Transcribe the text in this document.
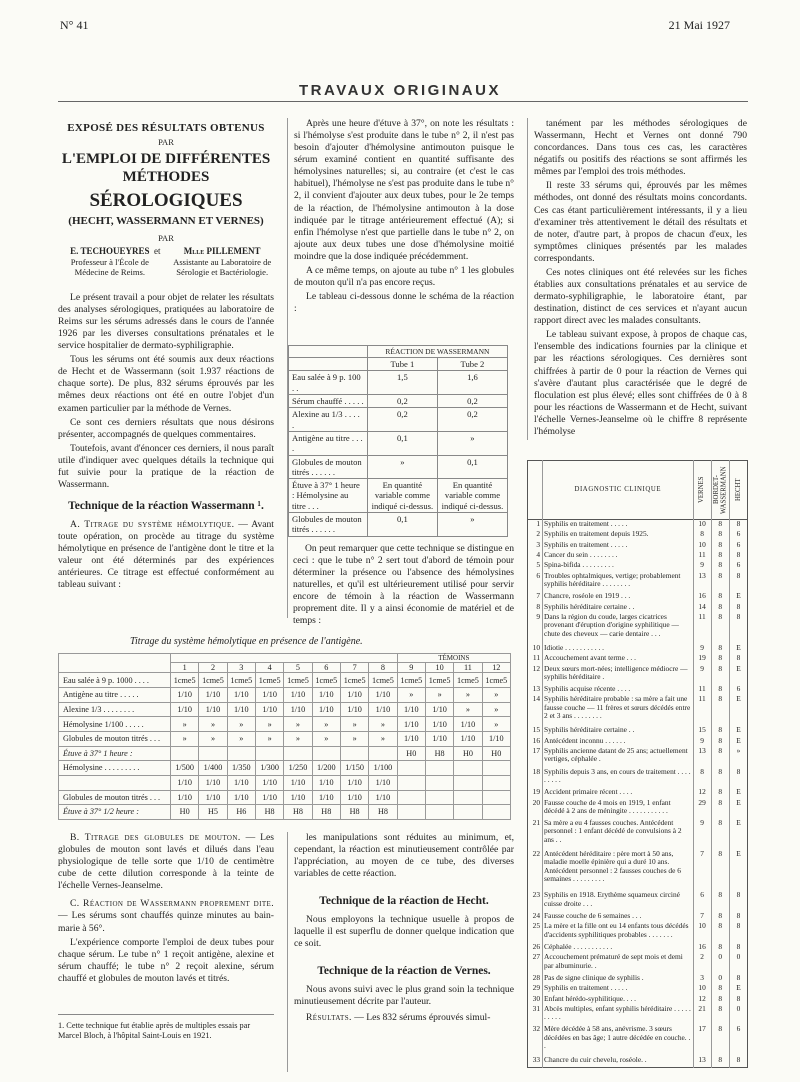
N° 41	21 Mai 1927
TRAVAUX ORIGINAUX
EXPOSÉ DES RÉSULTATS OBTENUS
PAR
L'EMPLOI DE DIFFÉRENTES MÉTHODES
SÉROLOGIQUES
(HECHT, WASSERMANN ET VERNES)
PAR
E. TECHOUEYRES
Professeur à l'École de Médecine de Reims.
et	Mlle PILLEMENT
Assistante au Laboratoire de Sérologie et Bactériologie.

Le présent travail a pour objet de relater les résultats des analyses sérologiques, pratiquées au laboratoire de Reims sur les sérums adressés dans le cours de l'année 1926 par les diverses consultations prénatales et le service hospitalier de dermato-syphiligraphie.

Tous les sérums ont été soumis aux deux réactions de Hecht et de Wassermann (soit 1.937 réactions de chaque sorte). De plus, 832 sérums éprouvés par les mêmes deux réactions ont été en outre l'objet d'un examen particulier par la méthode de Vernes.

Ce sont ces derniers résultats que nous désirons présenter, accompagnés de quelques commentaires.

Toutefois, avant d'énoncer ces derniers, il nous paraît utile d'indiquer avec quelques détails la technique qui fut suivie pour la pratique de la réaction de Wassermann.

Technique de la réaction Wassermann ¹.

A. Titrage du système hémolytique. — Avant toute opération, on procède au titrage du système hémolytique en présence de l'antigène dont le titre et la valeur ont été déterminés par des expériences antérieures. Ce titrage est effectué conformément au tableau suivant :

Après une heure d'étuve à 37°, on note les résultats : si l'hémolyse s'est produite dans le tube n° 2, il n'est pas besoin d'ajouter d'hémolysine antimouton puisque le sérum examiné contient en quantité suffisante des hémolysines naturelles; si, au contraire (et c'est le cas habituel), l'hémolyse ne s'est pas produite dans le tube n° 2, il convient d'ajouter aux deux tubes, pour le 2e temps de la réaction, de l'hémolysine antimouton à la dose indiquée par le titrage antérieurement effectué (A); si enfin l'hémolyse n'est que partielle dans le tube n° 2, on ajoute aux deux tubes une dose d'hémolysine moitié moindre que la dose indiquée précédemment.

A ce même temps, on ajoute au tube n° 1 les globules de mouton qu'il n'a pas encore reçus.

Le tableau ci-dessous donne le schéma de la réaction :

	RÉACTION DE WASSERMANN	
	Tube 1	Tube 2
Eau salée à 9 p. 100 . .	1,5	1,6
Sérum chauffé . . . . .	0,2	0,2
Alexine au 1/3 . . . . .	0,2	0,2
Antigène au titre . . . .	0,1	»
Globules de mouton titrés . . . . . .	»	0,1
Étuve à 37° 1 heure : Hémolysine au titre . . .	En quantité variable comme indiqué ci-dessus.	En quantité variable comme indiqué ci-dessus.
Globules de mouton titrés . . . . . .	0,1	»

On peut remarquer que cette technique se distingue en ceci : que le tube n° 2 sert tout d'abord de témoin pour déterminer la présence ou l'absence des hémolysines naturelles, et qu'il est ultérieurement utilisé pour servir encore de témoin à la réaction de Wassermann proprement dite. Il y a ainsi économie de matériel et de temps :

tanément par les méthodes sérologiques de Wassermann, Hecht et Vernes ont donné 790 concordances. Dans tous ces cas, les caractères négatifs ou positifs des réactions se sont affirmés les mêmes par l'emploi des trois méthodes.

Il reste 33 sérums qui, éprouvés par les mêmes méthodes, ont donné des résultats moins concordants. Ces cas étant particulièrement intéressants, il y a lieu d'examiner très attentivement le détail des résultats et de noter, d'autre part, à propos de chacun d'eux, les symptômes cliniques présentés par les malades correspondants.

Ces notes cliniques ont été relevées sur les fiches établies aux consultations prénatales et au service de dermato-syphiligraphie, le laboratoire étant, par destination, distinct de ces services et n'ayant aucun rapport direct avec les malades consultants.

Le tableau suivant expose, à propos de chaque cas, l'ensemble des indications fournies par la clinique et par les réactions sérologiques. Ces dernières sont chiffrées à partir de 0 pour la réaction de Vernes qui s'avère d'autant plus caractérisée que le degré de floculation est plus élevé; elles sont chiffrées de 0 à 8 pour les réactions de Wassermann et de Hecht, suivant l'échelle Vernes-Jeanselme où le chiffre 8 représente l'hémolyse

Titrage du système hémolytique en présence de l'antigène.
									TÉMOINS			
	1	2	3	4	5	6	7	8	9	10	11	12
Eau salée à 9 p. 1000 . . . .	1cme5	1cme5	1cme5	1cme5	1cme5	1cme5	1cme5	1cme5	1cme5	1cme5	1cme5	1cme5
Antigène au titre . . . . .	1/10	1/10	1/10	1/10	1/10	1/10	1/10	1/10	»	»	»	»
Alexine 1/3 . . . . . . . .	1/10	1/10	1/10	1/10	1/10	1/10	1/10	1/10	1/10	1/10	»	»
Hémolysine 1/100 . . . . .	»	»	»	»	»	»	»	»	1/10	1/10	1/10	»
Globules de mouton titrés . . .	»	»	»	»	»	»	»	»	1/10	1/10	1/10	1/10
Étuve à 37° 1 heure :									H0	H8	H0	H0
Hémolysine . . . . . . . . .	1/500	1/400	1/350	1/300	1/250	1/200	1/150	1/100				
	1/10	1/10	1/10	1/10	1/10	1/10	1/10	1/10				
Globules de mouton titrés . . .	1/10	1/10	1/10	1/10	1/10	1/10	1/10	1/10				
Étuve à 37° 1/2 heure :	H0	H5	H6	H8	H8	H8	H8	H8				

B. Titrage des globules de mouton. — Les globules de mouton sont lavés et dilués dans l'eau physiologique de telle sorte que 1/10 de centimètre cube de cette dilution corresponde à la teinte de l'échelle Vernes-Jeanselme.

C. Réaction de Wassermann proprement dite. — Les sérums sont chauffés quinze minutes au bain-marie à 56°.

L'expérience comporte l'emploi de deux tubes pour chaque sérum. Le tube n° 1 reçoit antigène, alexine et sérum chauffé; le tube n° 2 reçoit alexine, sérum chauffé et globules de mouton lavés et titrés.

1. Cette technique fut établie après de multiples essais par Marcel Bloch, à l'hôpital Saint-Louis en 1921.

les manipulations sont réduites au minimum, et, cependant, la réaction est minutieusement contrôlée par l'appréciation, au moyen de ce tube, des diverses variables de cette réaction.

Technique de la réaction de Hecht.

Nous employons la technique usuelle à propos de laquelle il est superflu de donner quelque indication que ce soit.

Technique de la réaction de Vernes.

Nous avons suivi avec le plus grand soin la technique minutieusement décrite par l'auteur.

Résultats. — Les 832 sérums éprouvés simul-

	DIAGNOSTIC CLINIQUE	VERNES	BORDET-WASSERMANN	HECHT

1	Syphilis en traitement . . . . .	10	8	8
2	Syphilis en traitement depuis 1925.	8	8	6
3	Syphilis en traitement . . . . .	10	8	6
4	Cancer du sein . . . . . . . .	11	8	8
5	Spina-bifida . . . . . . . . .	9	8	6
6	Troubles ophtalmiques, vertige; probablement syphilis héréditaire . . . . . . . .	13	8	8
7	Chancre, roséole en 1919 . . .	16	8	E
8	Syphilis héréditaire certaine . .	14	8	8
9	Dans la région du coude, larges cicatrices provenant d'éruption d'origine syphilitique — chute des cheveux — carie dentaire . . .	11	8	8
10	Idiotie . . . . . . . . . . .	9	8	E
11	Accouchement avant terme . . .	19	8	8
12	Deux sœurs mort-nées; intelligence médiocre — syphilis héréditaire .	9	8	E
13	Syphilis acquise récente . . . .	11	8	6
14	Syphilis héréditaire probable : sa mère a fait une fausse couche — 11 frères et sœurs décédés entre 2 et 3 ans . . . . . . . .	11	8	E
15	Syphilis héréditaire certaine . .	15	8	E
16	Antécédent inconnu . . . . . .	9	8	E
17	Syphilis ancienne datant de 25 ans; actuellement vertiges, céphalée .	13	8	»
18	Syphilis depuis 3 ans, en cours de traitement . . . . . . . . .	8	8	8
19	Accident primaire récent . . . .	12	8	E
20	Fausse couche de 4 mois en 1919, 1 enfant décédé à 2 ans de méningite . . . . . . . . . . .	29	8	E
21	Sa mère a eu 4 fausses couches. Antécédent personnel : 1 enfant décédé de convulsions à 2 ans . .	9	8	E
22	Antécédent héréditaire : père mort à 50 ans, maladie moelle épinière qui a duré 10 ans. Antécédent personnel : 2 fausses couches de 6 semaines . . . . . . . . .	7	8	E
23	Syphilis en 1918. Erythème squameux circiné cuisse droite . . .	6	8	8
24	Fausse couche de 6 semaines . . .	7	8	8
25	La mère et la fille ont eu 14 enfants tous décédés d'accidents syphilitiques probables . . . . . . .	10	8	8
26	Céphalée . . . . . . . . . . .	16	8	8
27	Accouchement prématuré de sept mois et demi par albuminurie. .	2	0	0
28	Pas de signe clinique de syphilis .	3	0	8
29	Syphilis en traitement . . . . .	10	8	E
30	Enfant hérédo-syphilitique. . . .	12	8	8
31	Abcès multiples, enfant syphilis héréditaire . . . . . . . . . .	21	8	0
32	Mère décédée à 58 ans, anévrisme. 3 sœurs décédées en bas âge; 1 autre décédée en couche. . .	17	8	6
33	Chancre du cuir chevelu, roséole. .	13	8	8
